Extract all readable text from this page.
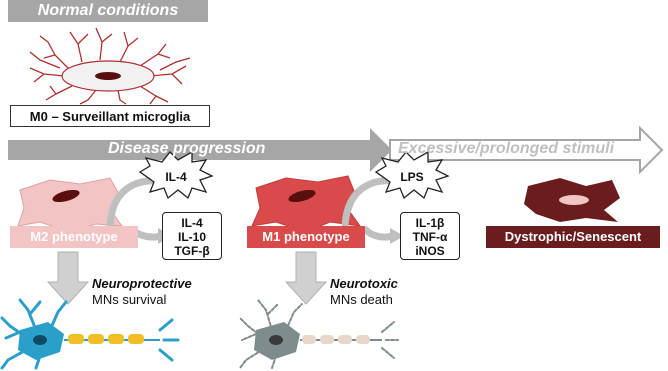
Normal conditions
M0 – Surveillant microglia
Disease progression	Excessive/prolonged stimuli
IL-4	LPS
IL-4
IL-10
TGF-β
IL-1β
TNF-α
iNOS
M2 phenotype	M1 phenotype	Dystrophic/Senescent
Neuroprotective
MNs survival
Neurotoxic
MNs death
